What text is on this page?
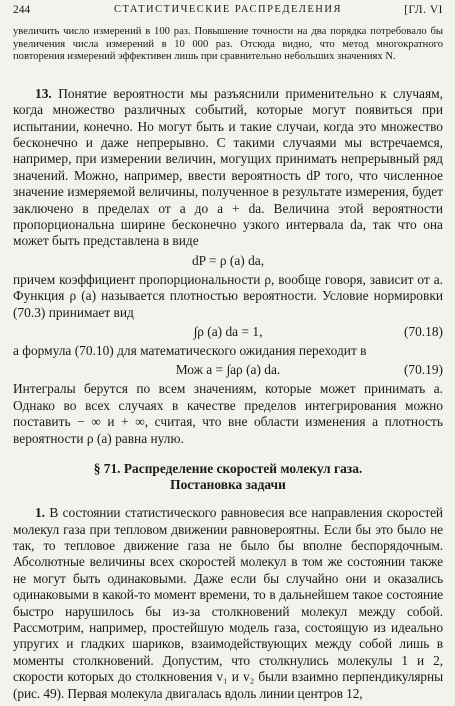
244	СТАТИСТИЧЕСКИЕ РАСПРЕДЕЛЕНИЯ	[ГЛ. VI

увеличить число измерений в 100 раз. Повышение точности на два порядка потребовало бы увеличения числа измерений в 10 000 раз. Отсюда видно, что метод многократного повторения измерений эффективен лишь при сравнительно небольших значениях N.

13. Понятие вероятности мы разъяснили применительно к случаям, когда множество различных событий, которые могут появиться при испытании, конечно. Но могут быть и такие случаи, когда это множество бесконечно и даже непрерывно. С такими случаями мы встречаемся, например, при измерении величин, могущих принимать непрерывный ряд значений. Можно, например, ввести вероятность dP того, что численное значение измеряемой величины, полученное в результате измерения, будет заключено в пределах от a до a + da. Величина этой вероятности пропорциональна ширине бесконечно узкого интервала da, так что она может быть представлена в виде

dP = ρ (a) da,

причем коэффициент пропорциональности ρ, вообще говоря, зависит от a. Функция ρ (a) называется плотностью вероятности. Условие нормировки (70.3) принимает вид

∫ρ (a) da = 1,	(70.18)

а формула (70.10) для математического ожидания переходит в

Мож a = ∫aρ (a) da.	(70.19)

Интегралы берутся по всем значениям, которые может принимать a. Однако во всех случаях в качестве пределов интегрирования можно поставить − ∞ и + ∞, считая, что вне области изменения a плотность вероятности ρ (a) равна нулю.

§ 71. Распределение скоростей молекул газа.
Постановка задачи

1. В состоянии статистического равновесия все направления скоростей молекул газа при тепловом движении равновероятны. Если бы это было не так, то тепловое движение газа не было бы вполне беспорядочным. Абсолютные величины всех скоростей молекул в том же состоянии также не могут быть одинаковыми. Даже если бы случайно они и оказались одинаковыми в какой-то момент времени, то в дальнейшем такое состояние быстро нарушилось бы из-за столкновений молекул между собой. Рассмотрим, например, простейшую модель газа, состоящую из идеально упругих и гладких шариков, взаимодействующих между собой лишь в моменты столкновений. Допустим, что столкнулись молекулы 1 и 2, скорости которых до столкновения v₁ и v₂ были взаимно перпендикулярны (рис. 49). Первая молекула двигалась вдоль линии центров 12,
